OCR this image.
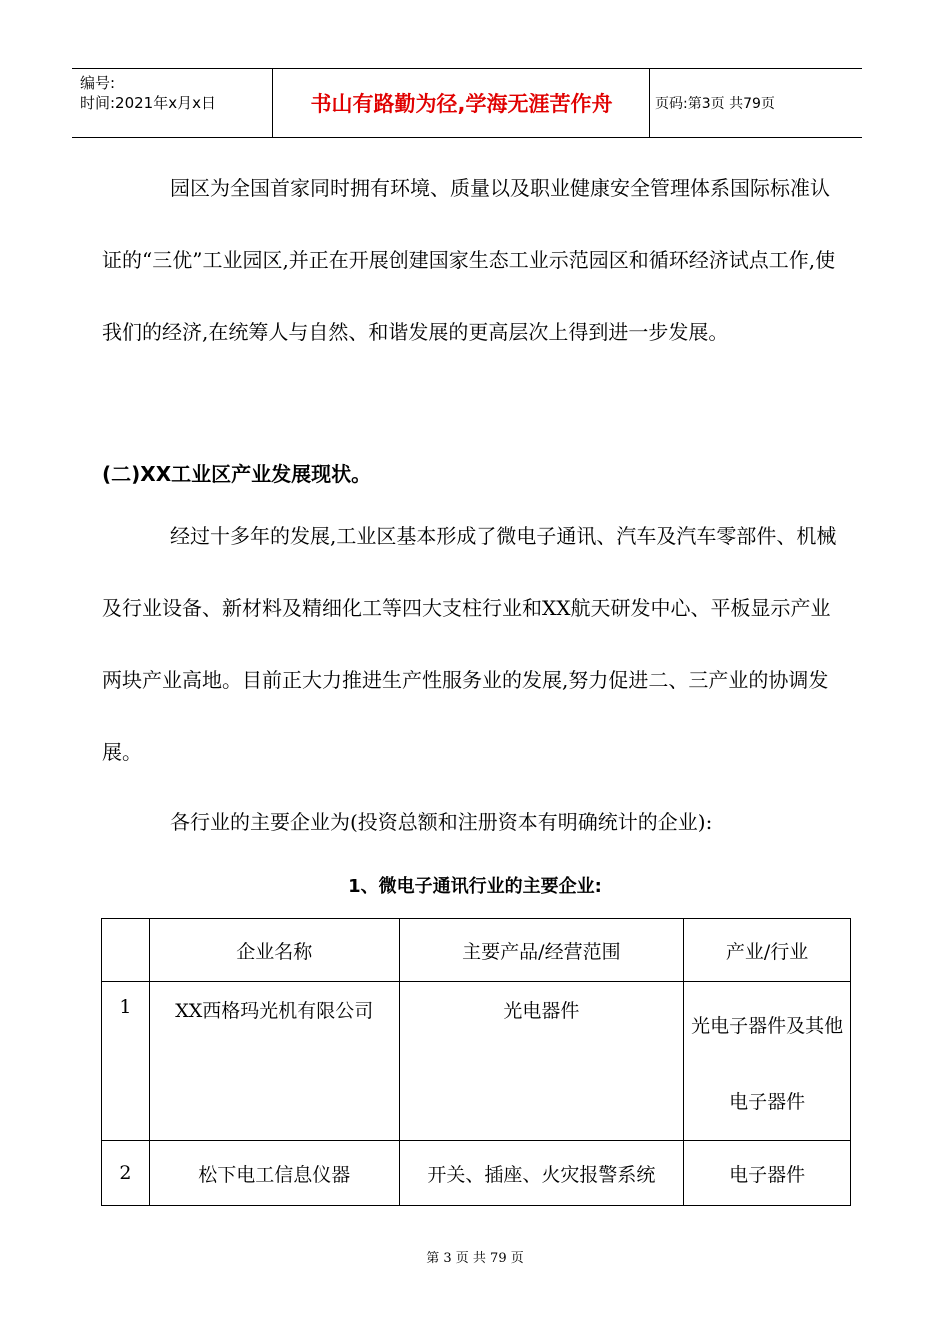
编号:
时间:2021年x月x日	书山有路勤为径,学海无涯苦作舟	页码:第3页 共79页

园区为全国首家同时拥有环境、质量以及职业健康安全管理体系国际标准认证的“三优”工业园区,并正在开展创建国家生态工业示范园区和循环经济试点工作,使我们的经济,在统筹人与自然、和谐发展的更高层次上得到进一步发展。

(二)XX工业区产业发展现状。

经过十多年的发展,工业区基本形成了微电子通讯、汽车及汽车零部件、机械及行业设备、新材料及精细化工等四大支柱行业和XX航天研发中心、平板显示产业两块产业高地。目前正大力推进生产性服务业的发展,努力促进二、三产业的协调发展。

各行业的主要企业为(投资总额和注册资本有明确统计的企业):

1、微电子通讯行业的主要企业:
	企业名称	主要产品/经营范围	产业/行业
1	XX西格玛光机有限公司	光电器件	光电子器件及其他电子器件
2	松下电工信息仪器	开关、插座、火灾报警系统	电子器件
第 3 页 共 79 页
